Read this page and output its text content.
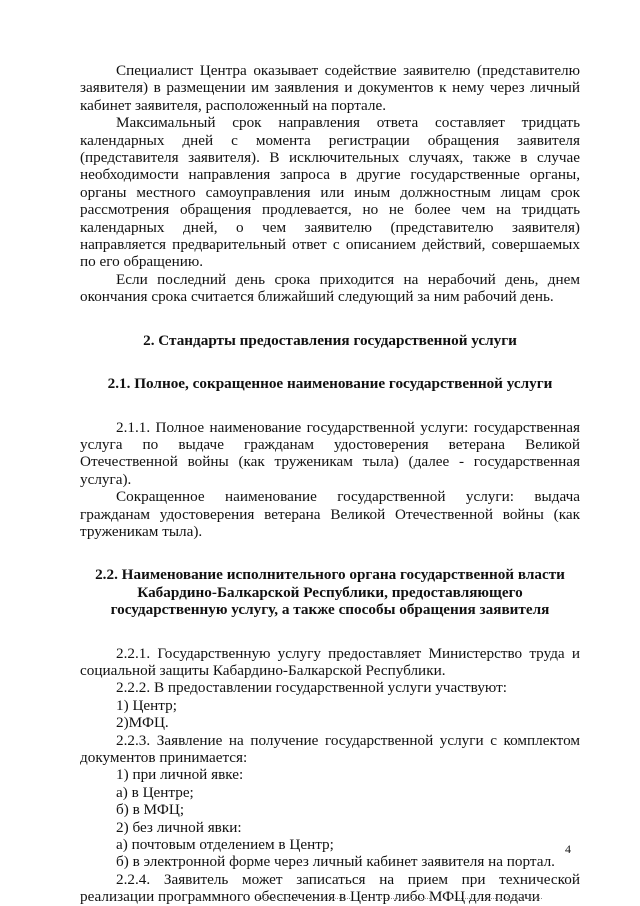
Специалист Центра оказывает содействие заявителю (представителю заявителя) в размещении им заявления и документов к нему через личный кабинет заявителя, расположенный на портале.

Максимальный срок направления ответа составляет тридцать календарных дней с момента регистрации обращения заявителя (представителя заявителя). В исключительных случаях, также в случае необходимости направления запроса в другие государственные органы, органы местного самоуправления или иным должностным лицам срок рассмотрения обращения продлевается, но не более чем на тридцать календарных дней, о чем заявителю (представителю заявителя) направляется предварительный ответ с описанием действий, совершаемых по его обращению.

Если последний день срока приходится на нерабочий день, днем окончания срока считается ближайший следующий за ним рабочий день.

2. Стандарты предоставления государственной услуги
2.1. Полное, сокращенное наименование государственной услуги

2.1.1. Полное наименование государственной услуги: государственная услуга по выдаче гражданам удостоверения ветерана Великой Отечественной войны (как труженикам тыла) (далее - государственная услуга).

Сокращенное наименование государственной услуги: выдача гражданам удостоверения ветерана Великой Отечественной войны (как труженикам тыла).

2.2. Наименование исполнительного органа государственной власти Кабардино-Балкарской Республики, предоставляющего государственную услугу, а также способы обращения заявителя

2.2.1. Государственную услугу предоставляет Министерство труда и социальной защиты Кабардино-Балкарской Республики.

2.2.2. В предоставлении государственной услуги участвуют:

1) Центр;

2)МФЦ.

2.2.3. Заявление на получение государственной услуги с комплектом документов принимается:

1) при личной явке:

а) в Центре;

б) в МФЦ;

2) без личной явки:

а) почтовым отделением в Центр;

б) в электронной форме через личный кабинет заявителя на портал.

2.2.4. Заявитель может записаться на прием при технической реализации программного обеспечения в Центр либо МФЦ для подачи

4
